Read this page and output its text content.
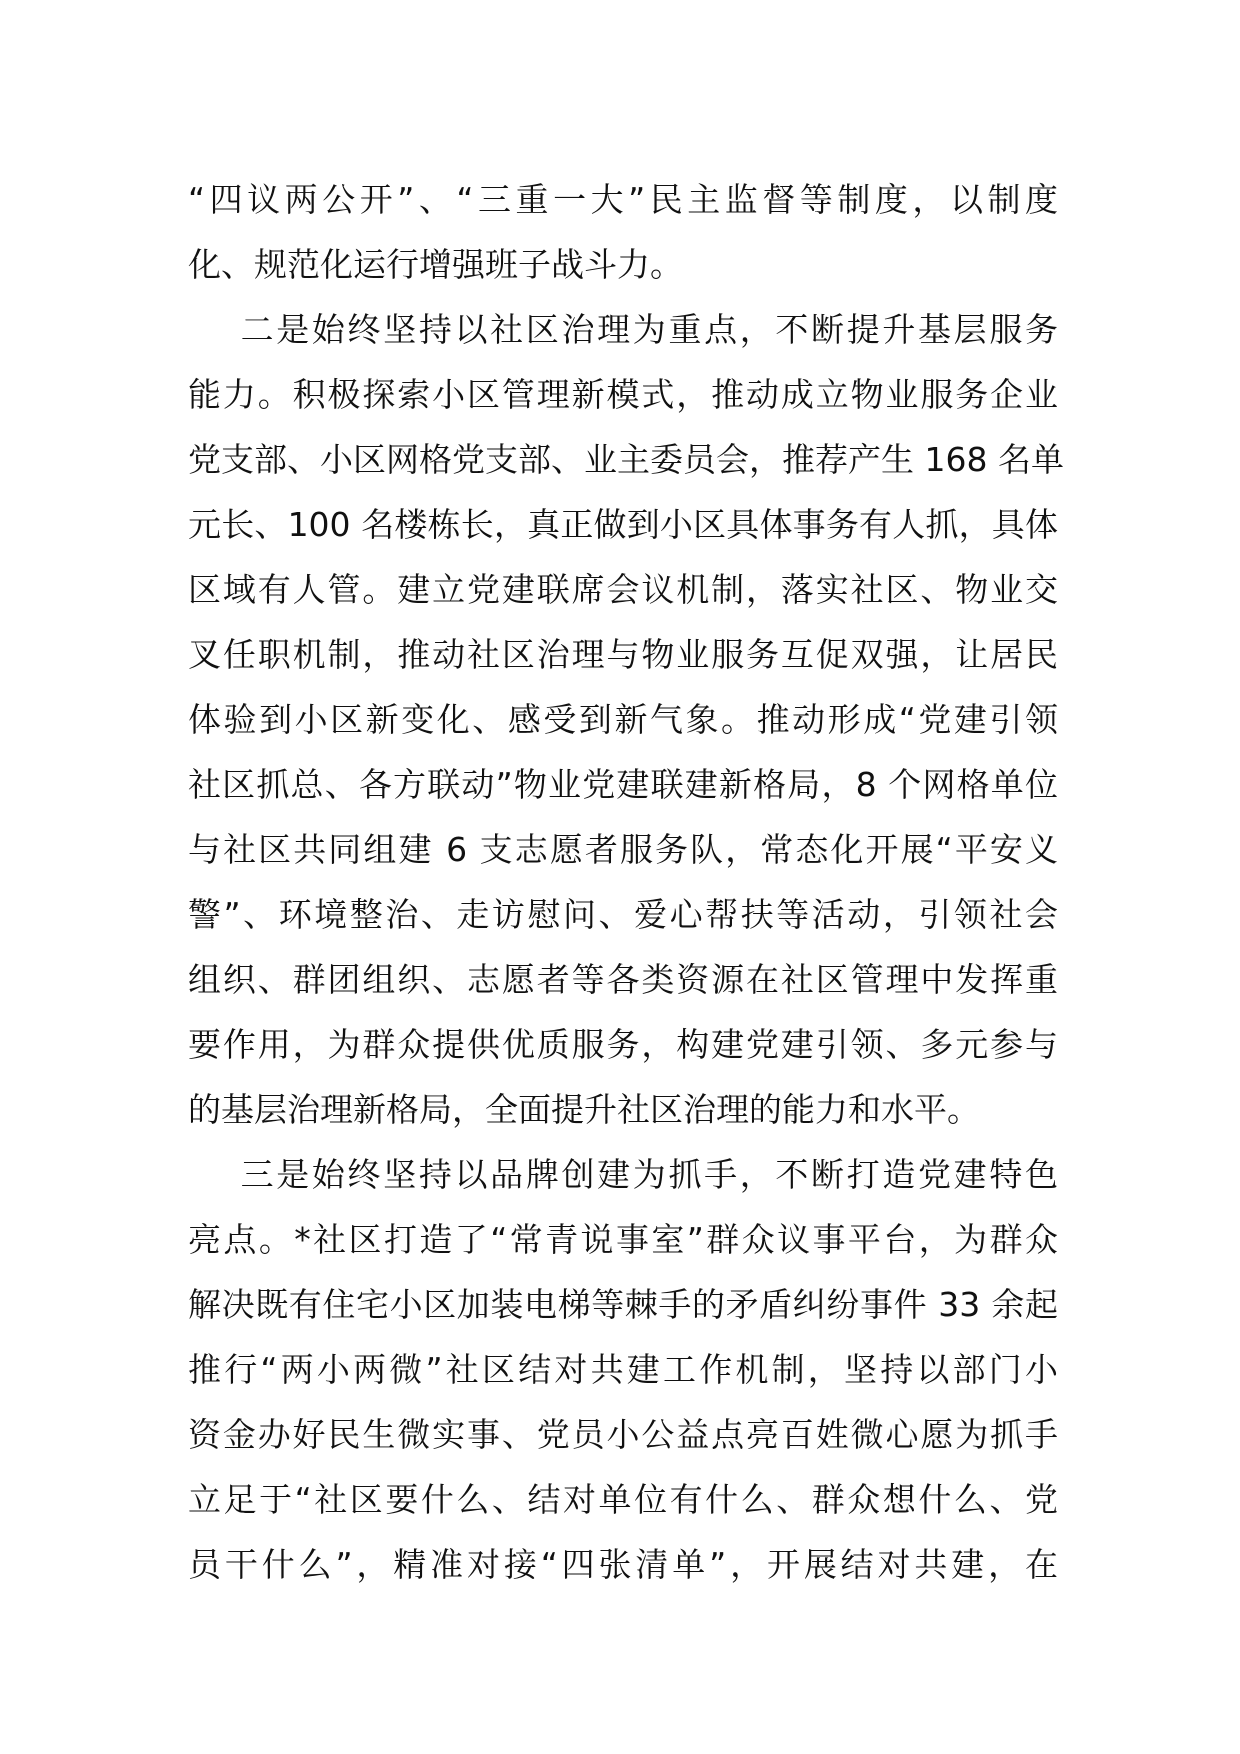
“四议两公开”、“三重一大”民主监督等制度，以制度
化、规范化运行增强班子战斗力。
二是始终坚持以社区治理为重点，不断提升基层服务
能力。积极探索小区管理新模式，推动成立物业服务企业
党支部、小区网格党支部、业主委员会，推荐产生 168 名单
元长、100 名楼栋长，真正做到小区具体事务有人抓，具体
区域有人管。建立党建联席会议机制，落实社区、物业交
叉任职机制，推动社区治理与物业服务互促双强，让居民
体验到小区新变化、感受到新气象。推动形成“党建引领
社区抓总、各方联动”物业党建联建新格局，8 个网格单位
与社区共同组建 6 支志愿者服务队，常态化开展“平安义
警”、环境整治、走访慰问、爱心帮扶等活动，引领社会
组织、群团组织、志愿者等各类资源在社区管理中发挥重
要作用，为群众提供优质服务，构建党建引领、多元参与
的基层治理新格局，全面提升社区治理的能力和水平。
三是始终坚持以品牌创建为抓手，不断打造党建特色
亮点。*社区打造了“常青说事室”群众议事平台，为群众
解决既有住宅小区加装电梯等棘手的矛盾纠纷事件 33 余起
推行“两小两微”社区结对共建工作机制，坚持以部门小
资金办好民生微实事、党员小公益点亮百姓微心愿为抓手
立足于“社区要什么、结对单位有什么、群众想什么、党
员干什么”，精准对接“四张清单”，开展结对共建，在
